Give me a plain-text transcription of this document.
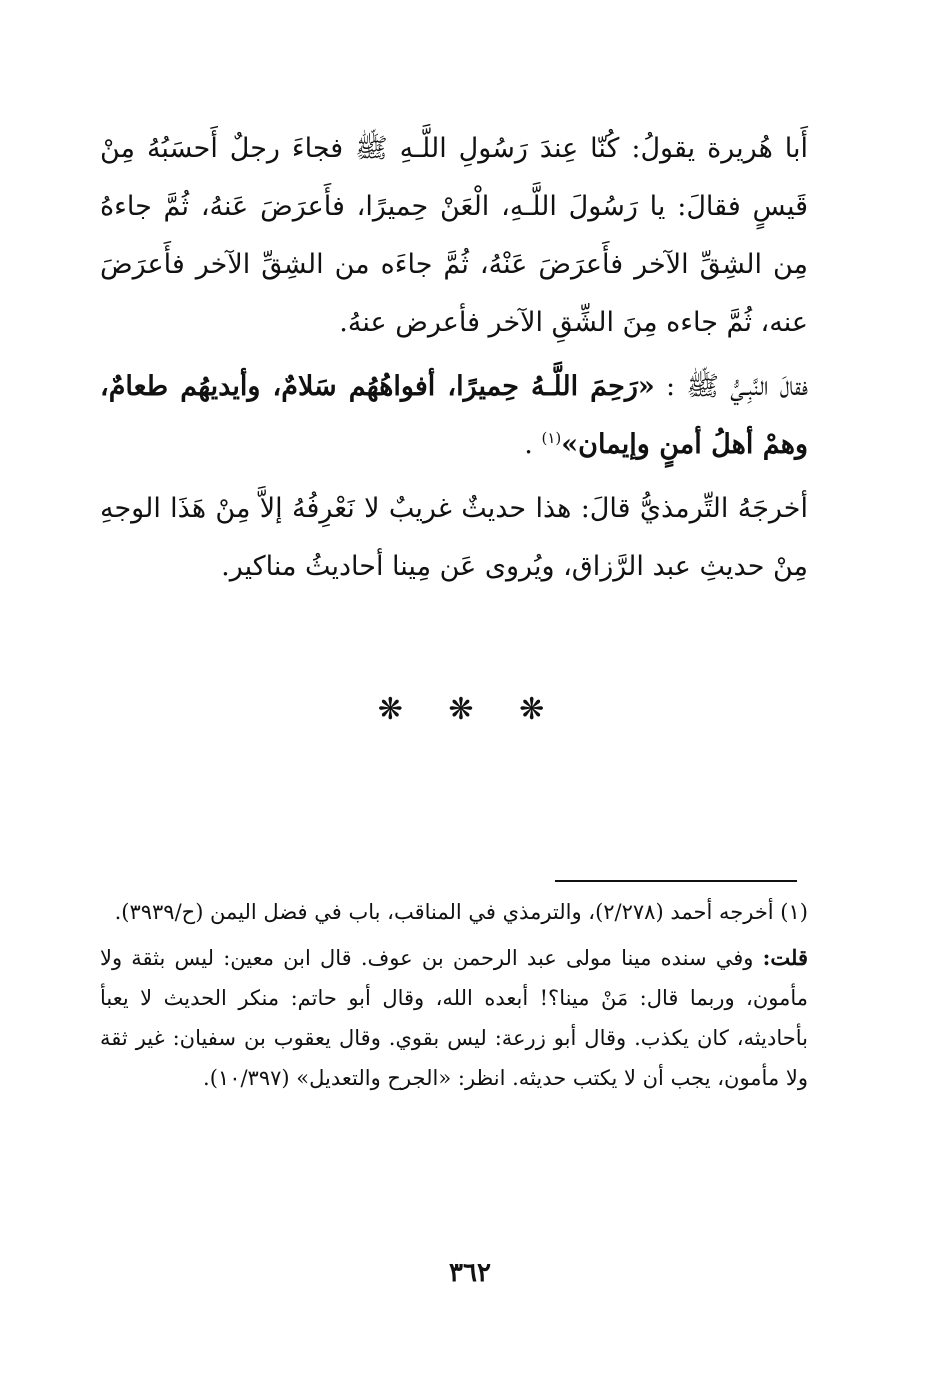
أَبا هُريرة يقولُ: كُنّا عِندَ رَسُولِ اللَّـهِ ﷺ فجاءَ رجلٌ أَحسَبُهُ مِنْ قَيسٍ فقالَ: يا رَسُولَ اللَّـهِ، الْعَنْ حِميرًا، فأَعرَضَ عَنهُ، ثُمَّ جاءهُ مِن الشِقِّ الآخر فأَعرَضَ عَنْهُ، ثُمَّ جاءَه من الشِقِّ الآخر فأَعرَضَ عنه، ثُمَّ جاءه مِنَ الشِّقِ الآخر فأعرض عنهُ.

فقالَ النَّبِـيُّ ﷺ : «رَحِمَ اللَّـهُ حِميرًا، أفواهُهُم سَلامٌ، وأيديهُم طعامٌ، وهمْ أهلُ أمنٍ وإيمان»$^{(١)}$ .

أخرجَهُ التِّرمذيُّ قالَ: هذا حديثٌ غريبٌ لا نَعْرِفُهُ إلاَّ مِنْ هَذَا الوجهِ مِنْ حديثِ عبد الرَّزاق، ويُروى عَن مِينا أحاديثُ مناكير.

❋ ❋ ❋

(١) أخرجه أحمد (٢/٢٧٨)، والترمذي في المناقب، باب في فضل اليمن (ح/٣٩٣٩).

قلت: وفي سنده مينا مولى عبد الرحمن بن عوف. قال ابن معين: ليس بثقة ولا مأمون، وربما قال: مَنْ مينا؟! أبعده الله، وقال أبو حاتم: منكر الحديث لا يعبأ بأحاديثه، كان يكذب. وقال أبو زرعة: ليس بقوي. وقال يعقوب بن سفيان: غير ثقة ولا مأمون، يجب أن لا يكتب حديثه. انظر: «الجرح والتعديل» (١٠/٣٩٧).

٣٦٢
